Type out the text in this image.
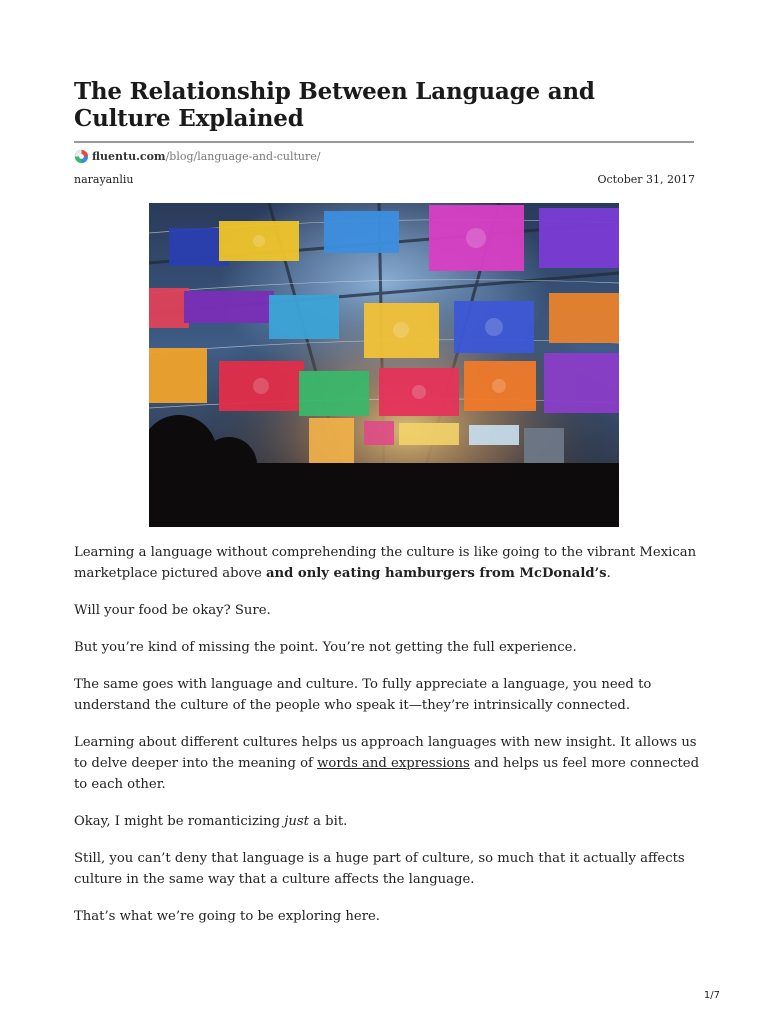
The Relationship Between Language and Culture Explained
fluentu.com /blog/language-and-culture/
narayanliu	October 31, 2017

Learning a language without comprehending the culture is like going to the vibrant Mexican marketplace pictured above and only eating hamburgers from McDonald’s.

Will your food be okay? Sure.

But you’re kind of missing the point. You’re not getting the full experience.

The same goes with language and culture. To fully appreciate a language, you need to understand the culture of the people who speak it—they’re intrinsically connected.

Learning about different cultures helps us approach languages with new insight. It allows us to delve deeper into the meaning of words and expressions and helps us feel more connected to each other.

Okay, I might be romanticizing just a bit.

Still, you can’t deny that language is a huge part of culture, so much that it actually affects culture in the same way that a culture affects the language.

That’s what we’re going to be exploring here.

1/7
